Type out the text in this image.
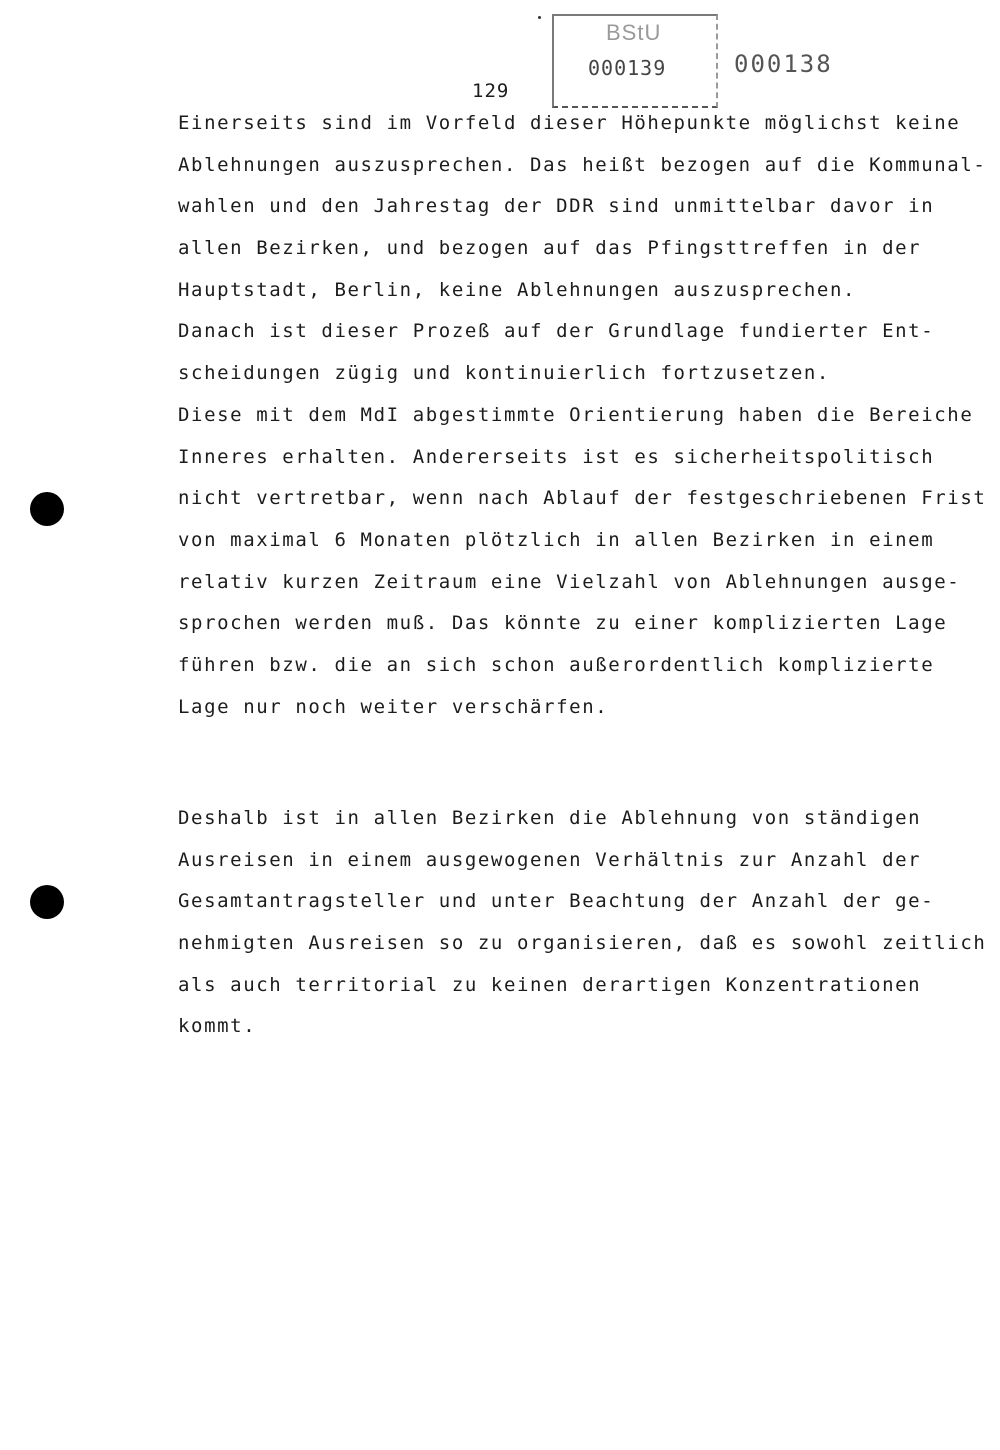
BStU
000139	000138
129
Einerseits sind im Vorfeld dieser Höhepunkte möglichst keine
Ablehnungen auszusprechen. Das heißt bezogen auf die Kommunal-
wahlen und den Jahrestag der DDR sind unmittelbar davor in
allen Bezirken, und bezogen auf das Pfingsttreffen in der
Hauptstadt, Berlin, keine Ablehnungen auszusprechen.
Danach ist dieser Prozeß auf der Grundlage fundierter Ent-
scheidungen zügig und kontinuierlich fortzusetzen.
Diese mit dem MdI abgestimmte Orientierung haben die Bereiche
Inneres erhalten. Andererseits ist es sicherheitspolitisch
nicht vertretbar, wenn nach Ablauf der festgeschriebenen Frist
von maximal 6 Monaten plötzlich in allen Bezirken in einem
relativ kurzen Zeitraum eine Vielzahl von Ablehnungen ausge-
sprochen werden muß. Das könnte zu einer komplizierten Lage
führen bzw. die an sich schon außerordentlich komplizierte
Lage nur noch weiter verschärfen.
Deshalb ist in allen Bezirken die Ablehnung von ständigen
Ausreisen in einem ausgewogenen Verhältnis zur Anzahl der
Gesamtantragsteller und unter Beachtung der Anzahl der ge-
nehmigten Ausreisen so zu organisieren, daß es sowohl zeitlich
als auch territorial zu keinen derartigen Konzentrationen
kommt.
